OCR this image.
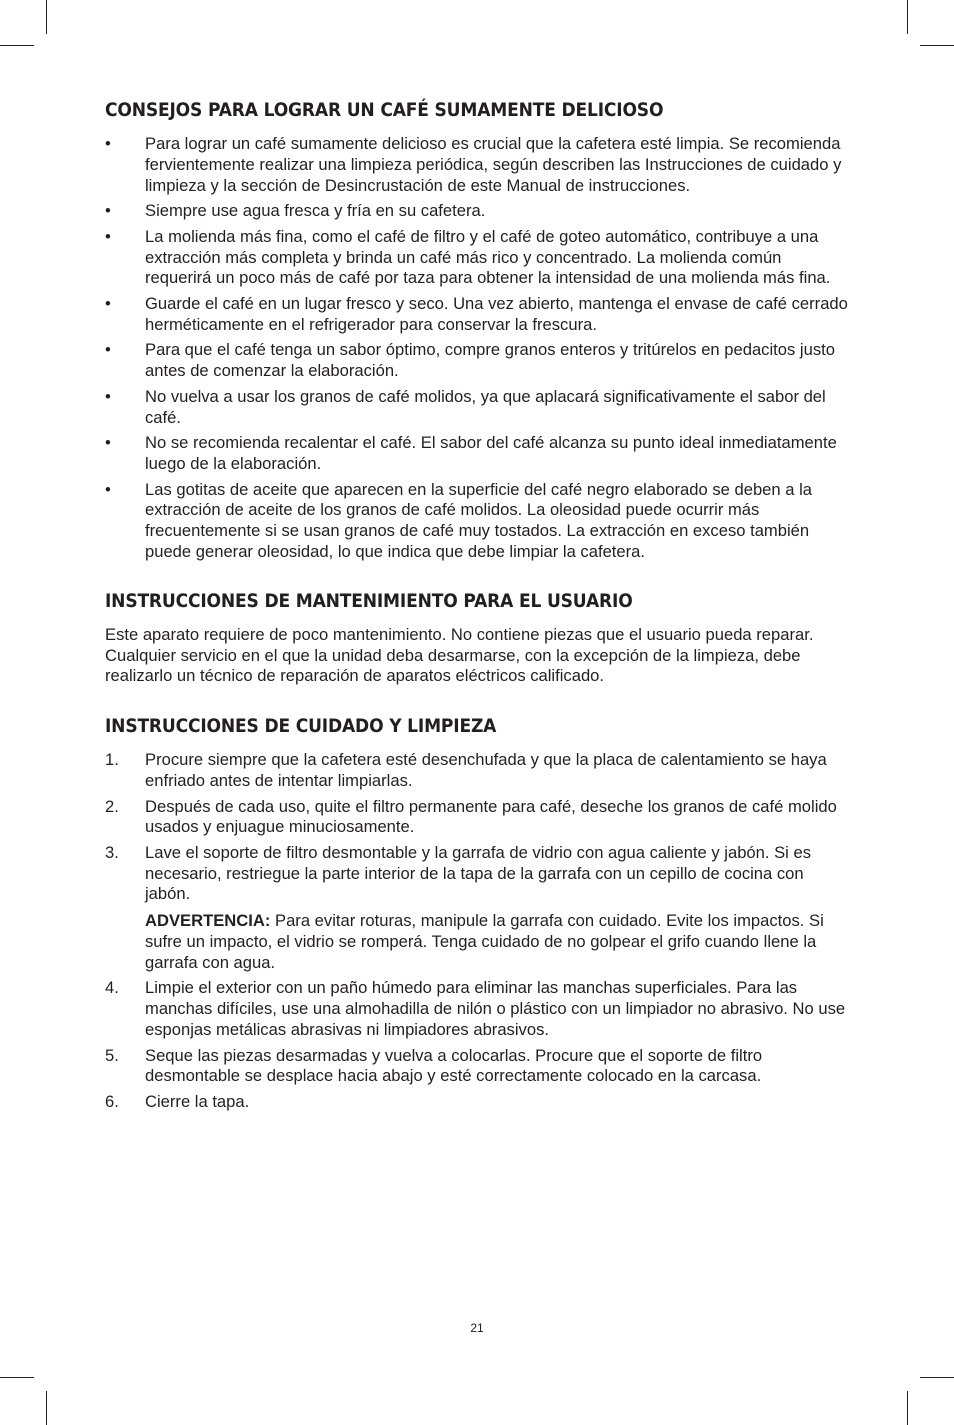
CONSEJOS PARA LOGRAR UN CAFÉ SUMAMENTE DELICIOSO
• Para lograr un café sumamente delicioso es crucial que la cafetera esté limpia. Se recomienda fervientemente realizar una limpieza periódica, según describen las Instrucciones de cuidado y limpieza y la sección de Desincrustación de este Manual de instrucciones.

• Siempre use agua fresca y fría en su cafetera.

• La molienda más fina, como el café de filtro y el café de goteo automático, contribuye a una extracción más completa y brinda un café más rico y concentrado. La molienda común requerirá un poco más de café por taza para obtener la intensidad de una molienda más fina.

• Guarde el café en un lugar fresco y seco. Una vez abierto, mantenga el envase de café cerrado herméticamente en el refrigerador para conservar la frescura.

• Para que el café tenga un sabor óptimo, compre granos enteros y tritúrelos en pedacitos justo antes de comenzar la elaboración.

• No vuelva a usar los granos de café molidos, ya que aplacará significativamente el sabor del café.

• No se recomienda recalentar el café. El sabor del café alcanza su punto ideal inmediatamente luego de la elaboración.

• Las gotitas de aceite que aparecen en la superficie del café negro elaborado se deben a la extracción de aceite de los granos de café molidos. La oleosidad puede ocurrir más frecuentemente si se usan granos de café muy tostados. La extracción en exceso también puede generar oleosidad, lo que indica que debe limpiar la cafetera.

INSTRUCCIONES DE MANTENIMIENTO PARA EL USUARIO

Este aparato requiere de poco mantenimiento. No contiene piezas que el usuario pueda reparar. Cualquier servicio en el que la unidad deba desarmarse, con la excepción de la limpieza, debe realizarlo un técnico de reparación de aparatos eléctricos calificado.

INSTRUCCIONES DE CUIDADO Y LIMPIEZA
1. Procure siempre que la cafetera esté desenchufada y que la placa de calentamiento se haya enfriado antes de intentar limpiarlas.

2. Después de cada uso, quite el filtro permanente para café, deseche los granos de café molido usados y enjuague minuciosamente.

3. Lave el soporte de filtro desmontable y la garrafa de vidrio con agua caliente y jabón. Si es necesario, restriegue la parte interior de la tapa de la garrafa con un cepillo de cocina con jabón.

ADVERTENCIA: Para evitar roturas, manipule la garrafa con cuidado. Evite los impactos. Si sufre un impacto, el vidrio se romperá. Tenga cuidado de no golpear el grifo cuando llene la garrafa con agua.

4. Limpie el exterior con un paño húmedo para eliminar las manchas superficiales. Para las manchas difíciles, use una almohadilla de nilón o plástico con un limpiador no abrasivo. No use esponjas metálicas abrasivas ni limpiadores abrasivos.

5. Seque las piezas desarmadas y vuelva a colocarlas. Procure que el soporte de filtro desmontable se desplace hacia abajo y esté correctamente colocado en la carcasa.

6. Cierre la tapa.

21
